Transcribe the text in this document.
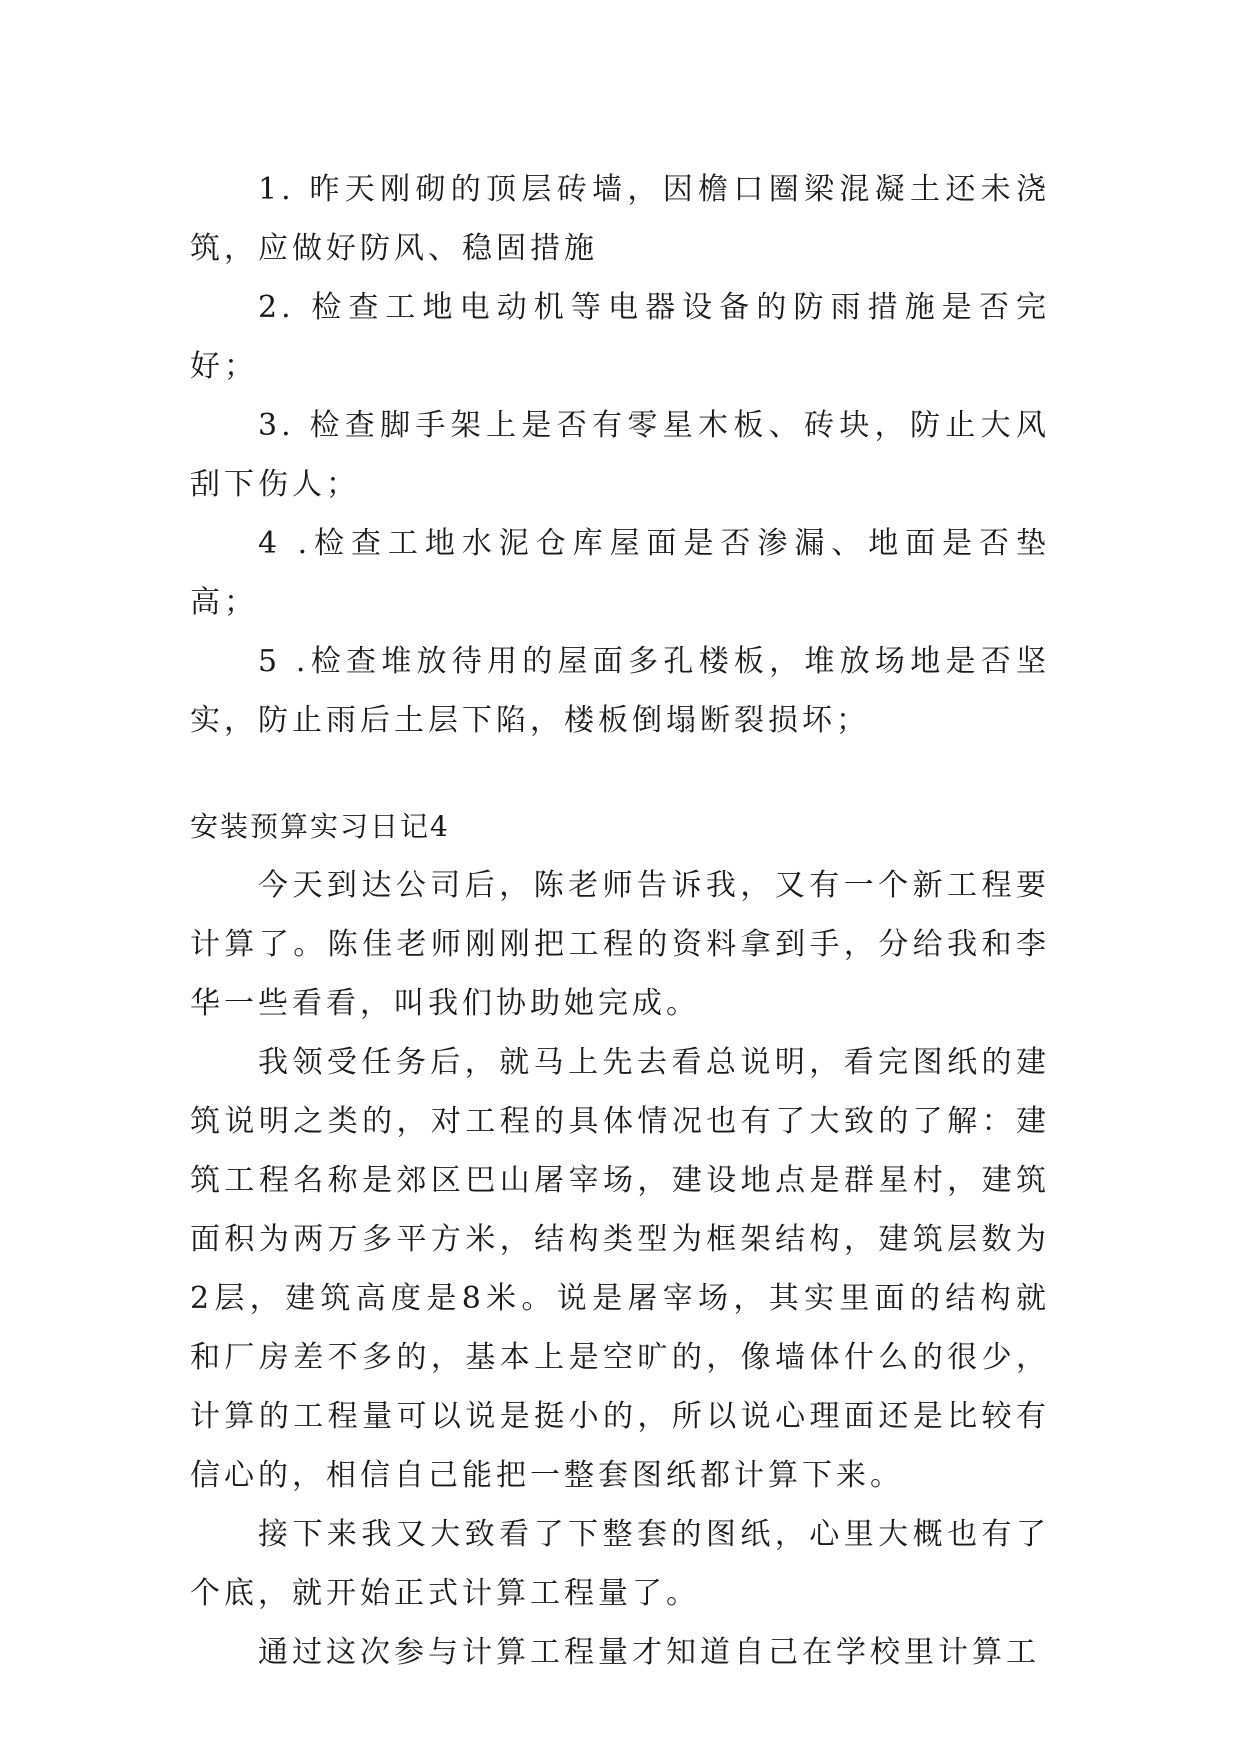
1. 昨天刚砌的顶层砖墙，因檐口圈梁混凝土还未浇筑，应做好防风、稳固措施

2. 检查工地电动机等电器设备的防雨措施是否完好；

3. 检查脚手架上是否有零星木板、砖块，防止大风刮下伤人；

4 .检查工地水泥仓库屋面是否渗漏、地面是否垫高；

5 .检查堆放待用的屋面多孔楼板，堆放场地是否坚实，防止雨后土层下陷，楼板倒塌断裂损坏；

安装预算实习日记4

今天到达公司后，陈老师告诉我，又有一个新工程要计算了。陈佳老师刚刚把工程的资料拿到手，分给我和李华一些看看，叫我们协助她完成。

我领受任务后，就马上先去看总说明，看完图纸的建筑说明之类的，对工程的具体情况也有了大致的了解：建筑工程名称是郊区巴山屠宰场，建设地点是群星村，建筑面积为两万多平方米，结构类型为框架结构，建筑层数为2层，建筑高度是8米。说是屠宰场，其实里面的结构就和厂房差不多的，基本上是空旷的，像墙体什么的很少，计算的工程量可以说是挺小的，所以说心理面还是比较有信心的，相信自己能把一整套图纸都计算下来。

接下来我又大致看了下整套的图纸，心里大概也有了个底，就开始正式计算工程量了。

通过这次参与计算工程量才知道自己在学校里计算工
